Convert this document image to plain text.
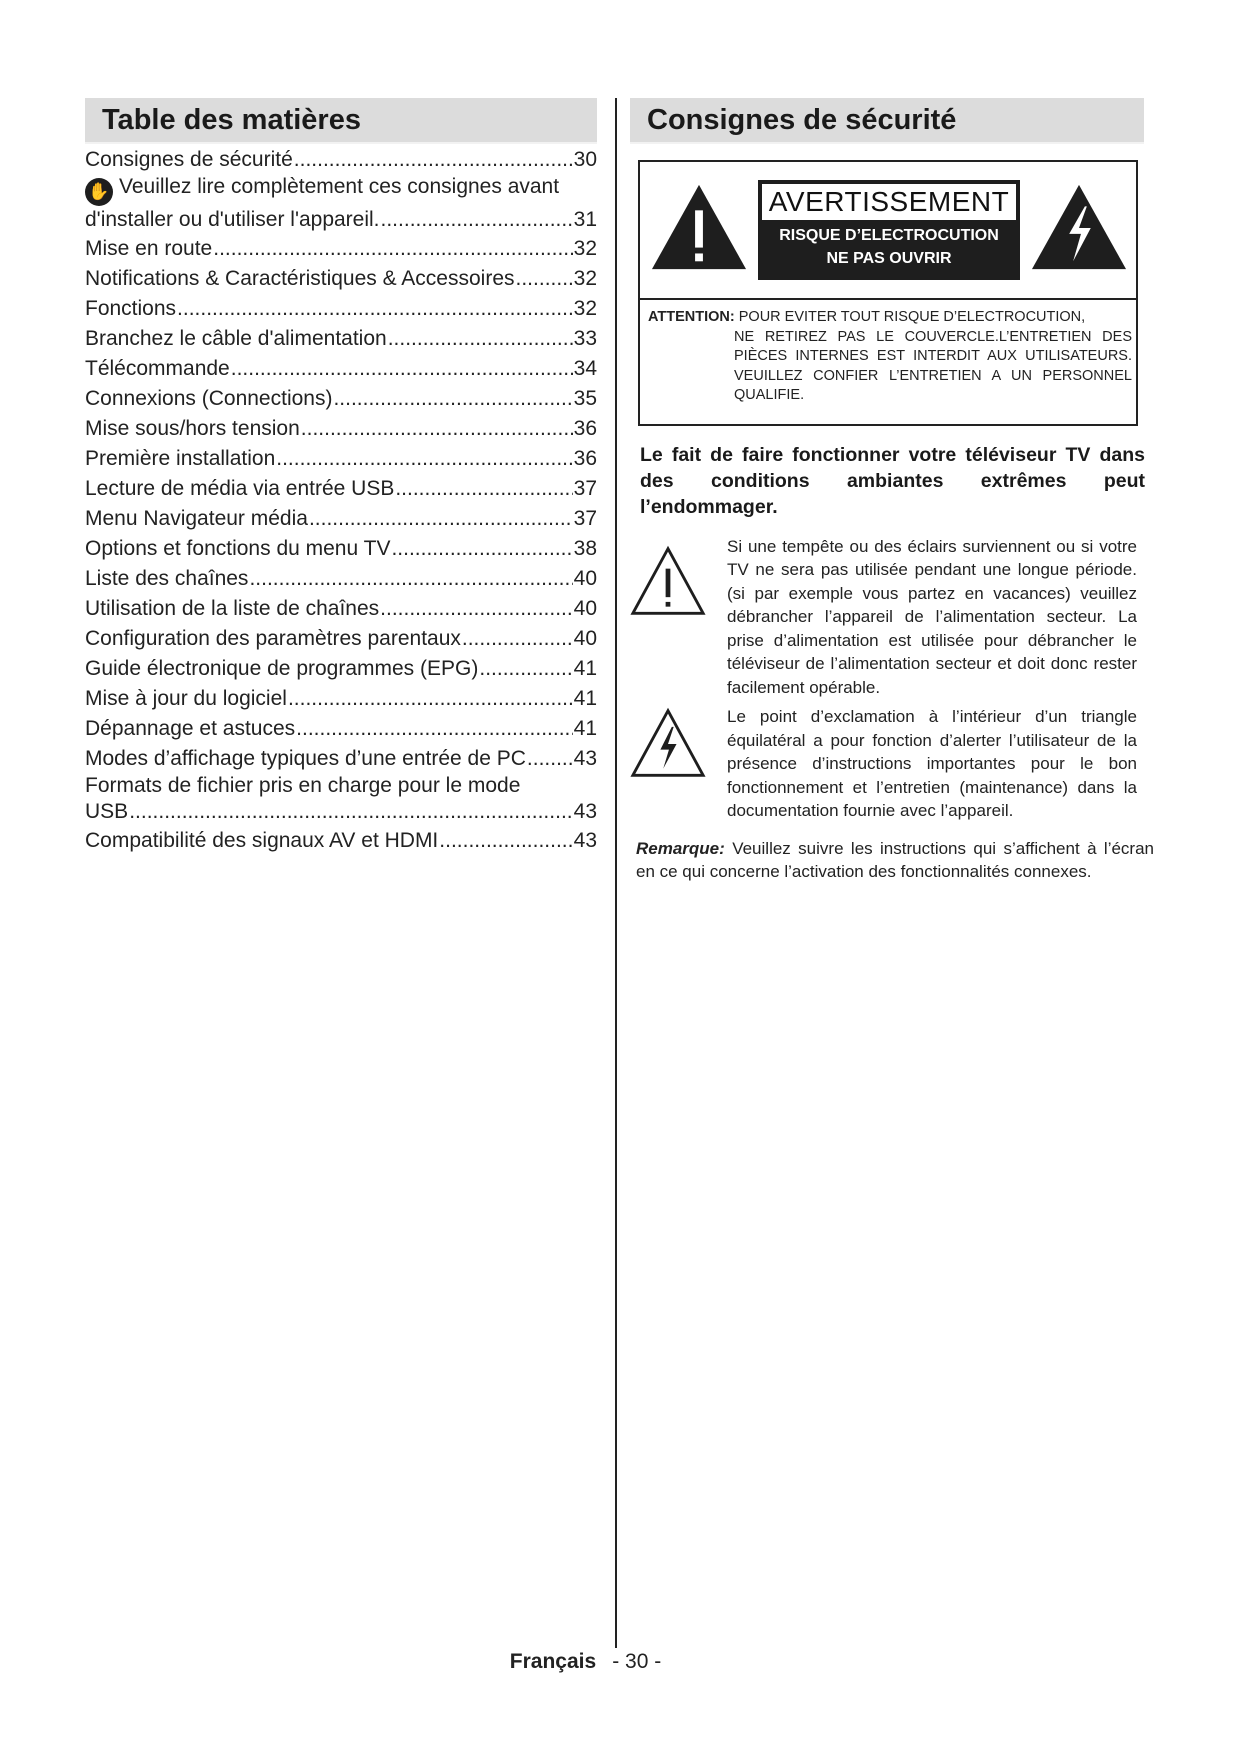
Table des matières
Consignes de sécurité .....	30
✋ Veuillez lire complètement ces consignes avant
d'installer ou d'utiliser l'appareil. .....	31
Mise en route .....	32
Notifications & Caractéristiques & Accessoires .....	32
Fonctions .....	32
Branchez le câble d'alimentation .....	33
Télécommande .....	34
Connexions (Connections) .....	35
Mise sous/hors tension .....	36
Première installation .....	36
Lecture de média via entrée USB .....	37
Menu Navigateur média .....	37
Options et fonctions du menu TV .....	38
Liste des chaînes .....	40
Utilisation de la liste de chaînes .....	40
Configuration des paramètres parentaux .....	40
Guide électronique de programmes (EPG) .....	41
Mise à jour du logiciel .....	41
Dépannage et astuces .....	41
Modes d’affichage typiques d’une entrée de PC ..... 43
Formats de fichier pris en charge pour le mode
USB .....	43
Compatibilité des signaux AV et HDMI .....	43
Consignes de sécurité
AVERTISSEMENT
RISQUE D’ELECTROCUTION
NE PAS OUVRIR
ATTENTION: POUR EVITER TOUT RISQUE D’ELECTROCUTION,
NE RETIREZ PAS LE COUVERCLE.L’ENTRETIEN DES PIÈCES INTERNES EST INTERDIT AUX UTILISATEURS. VEUILLEZ CONFIER L’ENTRETIEN A UN PERSONNEL QUALIFIE.
Le fait de faire fonctionner votre téléviseur TV dans des conditions ambiantes extrêmes peut l’endommager.
Si une tempête ou des éclairs surviennent ou si votre TV ne sera pas utilisée pendant une longue période. (si par exemple vous partez en vacances) veuillez débrancher l’appareil de l’alimentation secteur. La prise d’alimentation est utilisée pour débrancher le téléviseur de l’alimentation secteur et doit donc rester facilement opérable.
Le point d’exclamation à l’intérieur d’un triangle équilatéral a pour fonction d’alerter l’utilisateur de la présence d’instructions importantes pour le bon fonctionnement et l’entretien (maintenance) dans la documentation fournie avec l’appareil.
Remarque: Veuillez suivre les instructions qui s’affichent à l’écran en ce qui concerne l’activation des fonctionnalités connexes.
Français - 30 -
